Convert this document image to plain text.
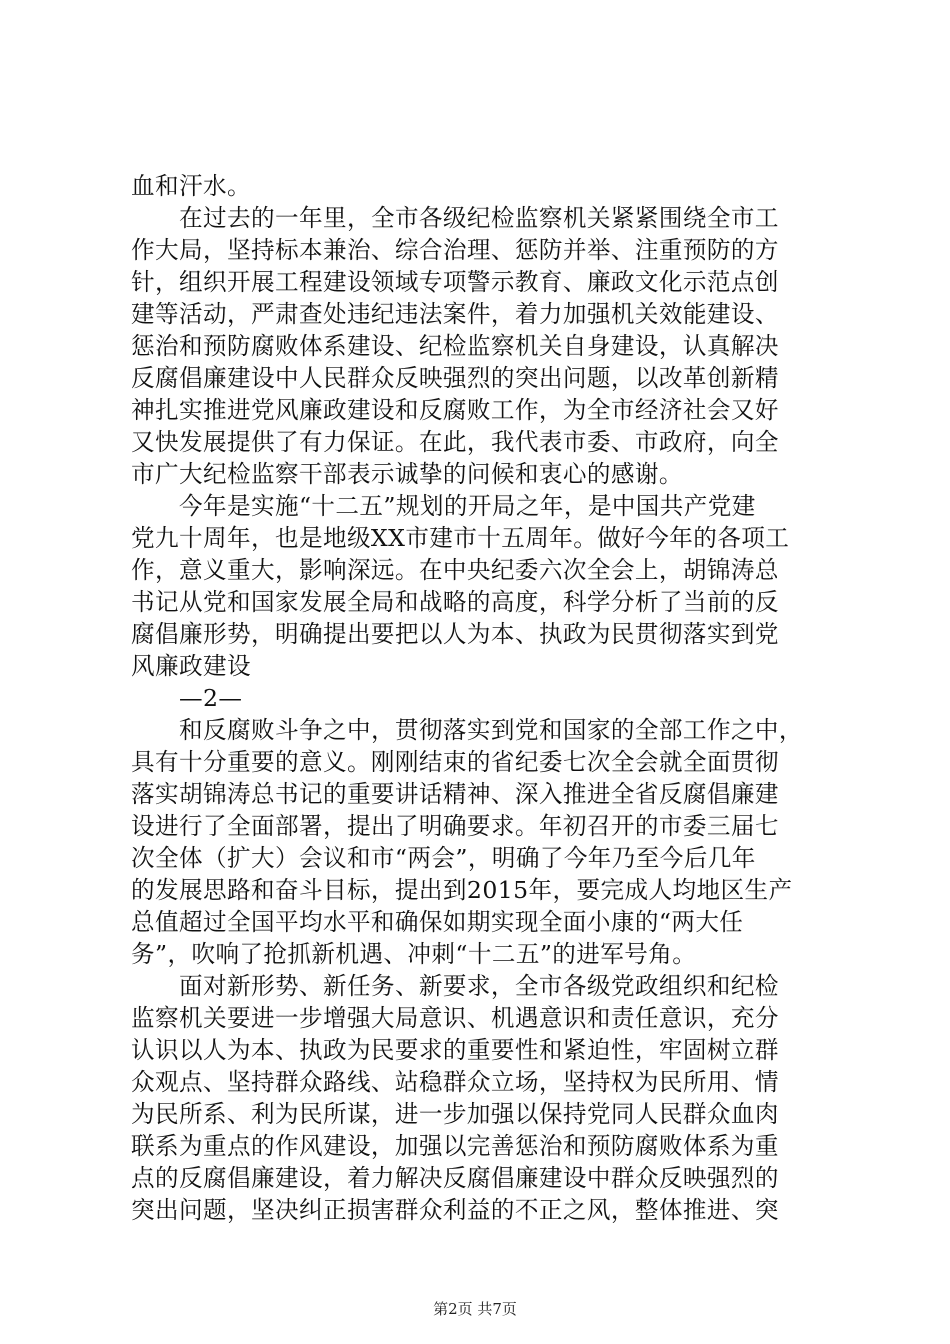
血和汗水。
在过去的一年里，全市各级纪检监察机关紧紧围绕全市工
作大局，坚持标本兼治、综合治理、惩防并举、注重预防的方
针，组织开展工程建设领域专项警示教育、廉政文化示范点创
建等活动，严肃查处违纪违法案件，着力加强机关效能建设、
惩治和预防腐败体系建设、纪检监察机关自身建设，认真解决
反腐倡廉建设中人民群众反映强烈的突出问题，以改革创新精
神扎实推进党风廉政建设和反腐败工作，为全市经济社会又好
又快发展提供了有力保证。在此，我代表市委、市政府，向全
市广大纪检监察干部表示诚挚的问候和衷心的感谢。
今年是实施“十二五”规划的开局之年，是中国共产党建
党九十周年，也是地级XX市建市十五周年。做好今年的各项工
作，意义重大，影响深远。在中央纪委六次全会上，胡锦涛总
书记从党和国家发展全局和战略的高度，科学分析了当前的反
腐倡廉形势，明确提出要把以人为本、执政为民贯彻落实到党
风廉政建设
—2—
和反腐败斗争之中，贯彻落实到党和国家的全部工作之中，
具有十分重要的意义。刚刚结束的省纪委七次全会就全面贯彻
落实胡锦涛总书记的重要讲话精神、深入推进全省反腐倡廉建
设进行了全面部署，提出了明确要求。年初召开的市委三届七
次全体（扩大）会议和市“两会”，明确了今年乃至今后几年
的发展思路和奋斗目标，提出到2015年，要完成人均地区生产
总值超过全国平均水平和确保如期实现全面小康的“两大任
务”，吹响了抢抓新机遇、冲刺“十二五”的进军号角。
面对新形势、新任务、新要求，全市各级党政组织和纪检
监察机关要进一步增强大局意识、机遇意识和责任意识，充分
认识以人为本、执政为民要求的重要性和紧迫性，牢固树立群
众观点、坚持群众路线、站稳群众立场，坚持权为民所用、情
为民所系、利为民所谋，进一步加强以保持党同人民群众血肉
联系为重点的作风建设，加强以完善惩治和预防腐败体系为重
点的反腐倡廉建设，着力解决反腐倡廉建设中群众反映强烈的
突出问题，坚决纠正损害群众利益的不正之风，整体推进、突
第2页 共7页
